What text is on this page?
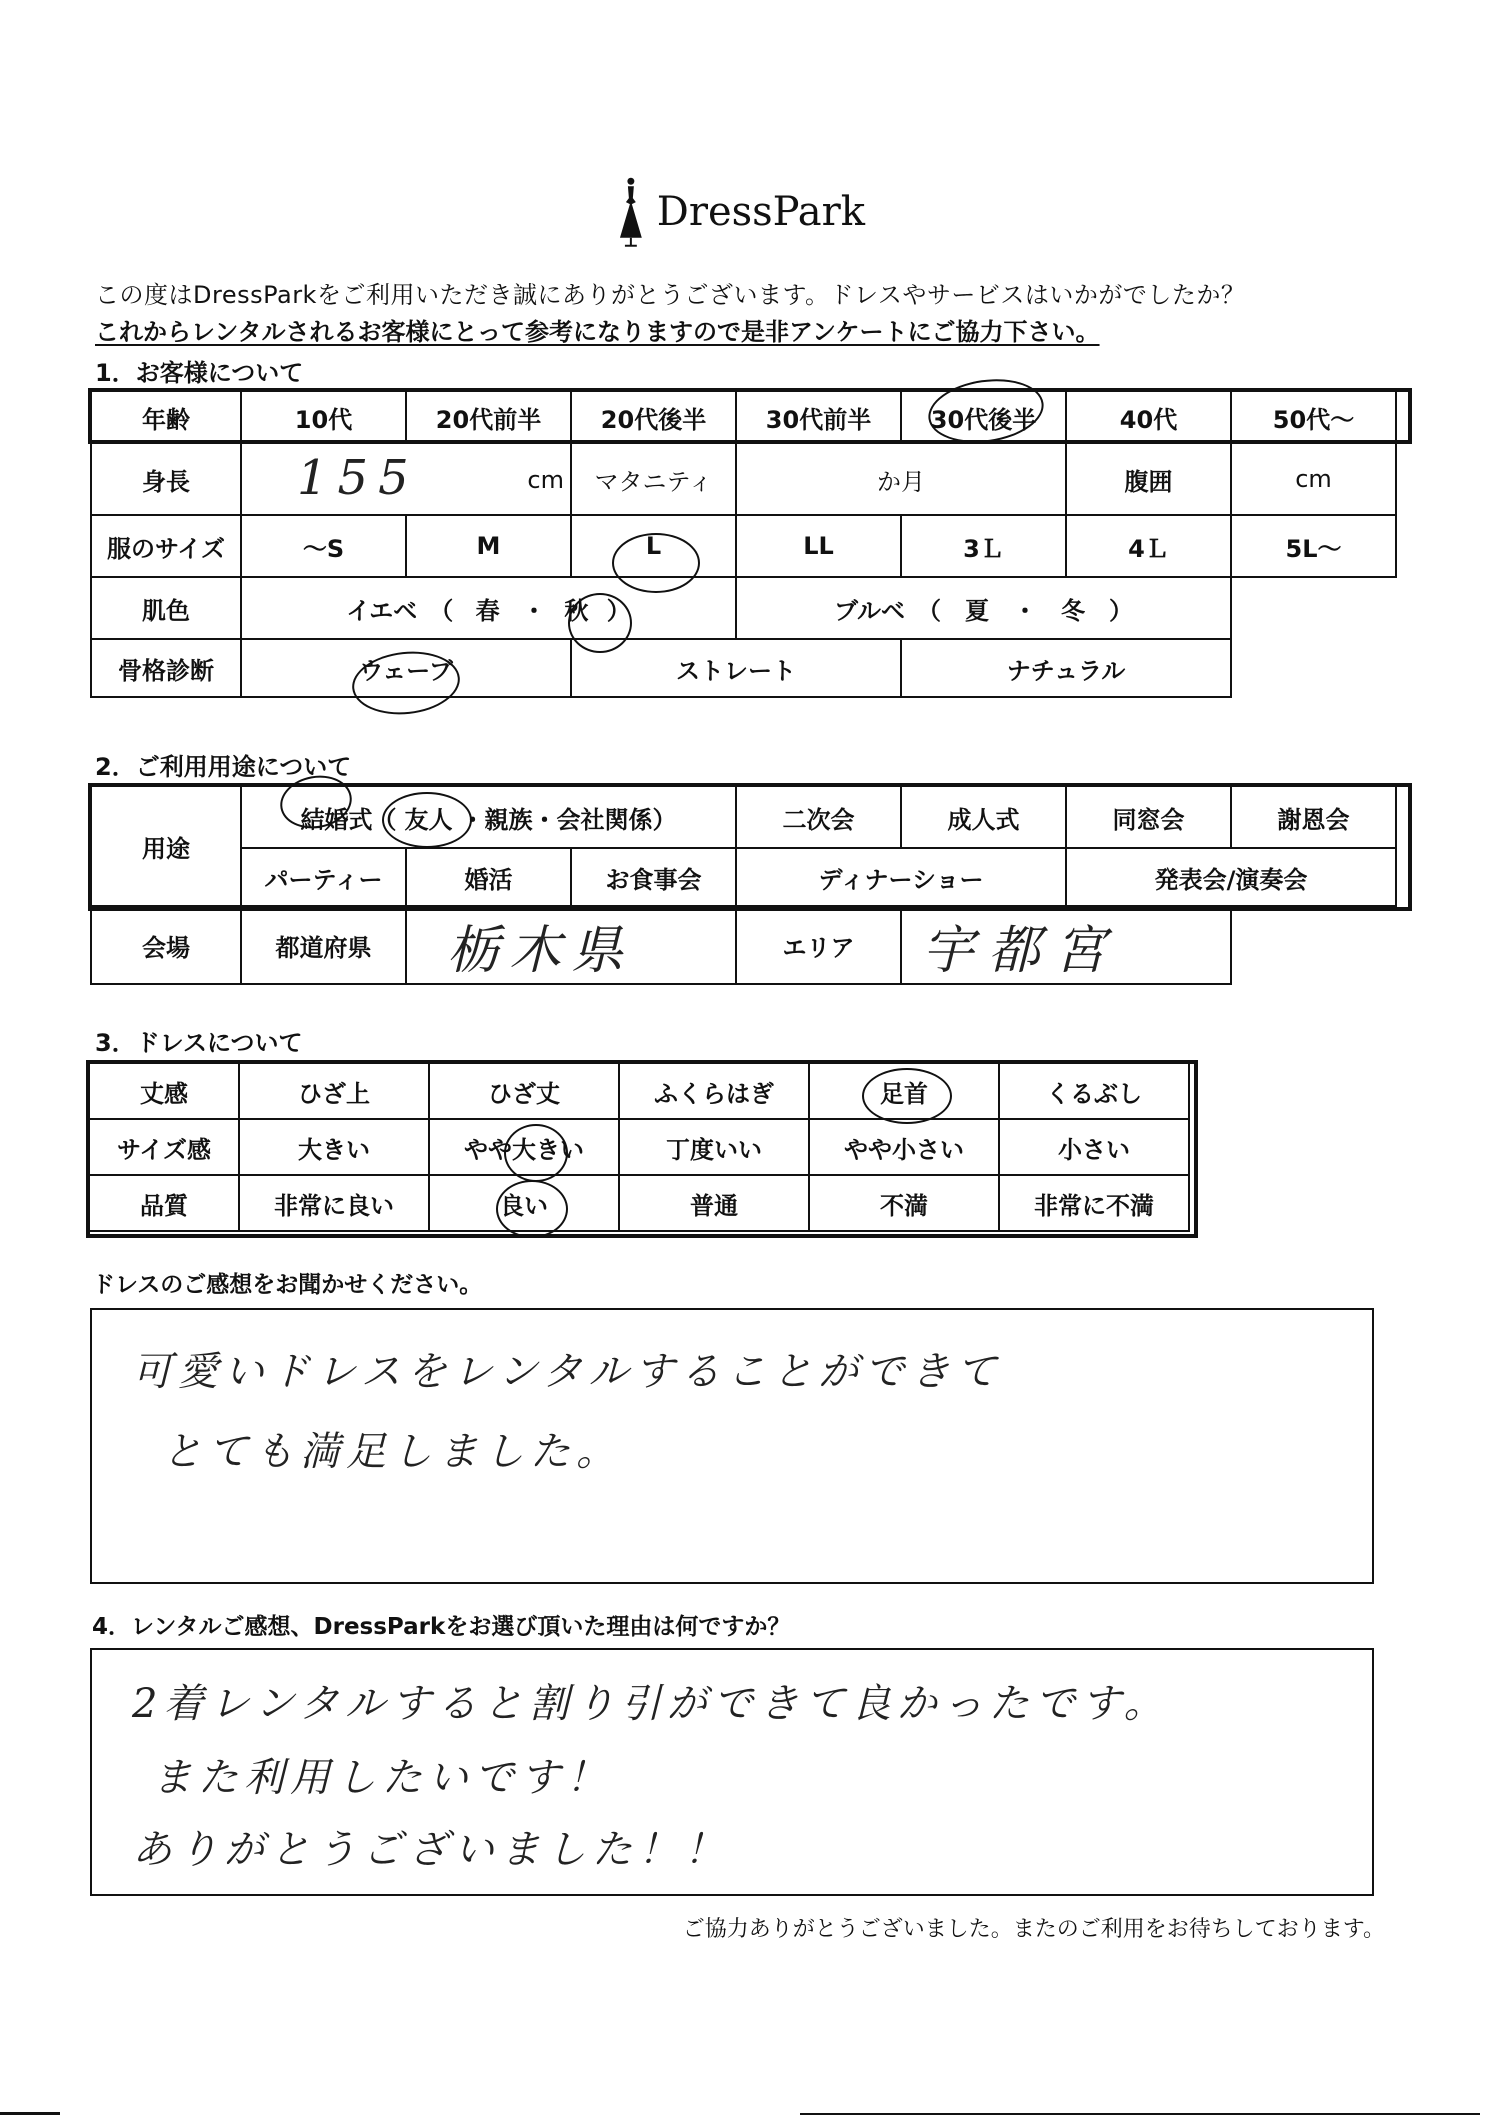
DressPark
この度はDressParkをご利用いただき誠にありがとうございます。ドレスやサービスはいかがでしたか？
これからレンタルされるお客様にとって参考になりますので是非アンケートにご協力下さい。
1．お客様について
年齢	10代	20代前半	20代後半	30代前半	30代後半	40代	50代～
身長	155 cm		マタニティ	か月		腹囲	cm
服のサイズ	～S	M	L	LL	3Ｌ	4Ｌ	5L～
肌色	イエベ　（ 春 ・ 秋 ）			ブルベ　（　夏　・　冬　）			
骨格診断	ウェーブ		ストレート		ナチュラル		
2．ご利用用途について
用途	結婚式（ 友人 ・親族・会社関係）			二次会	成人式	同窓会	謝恩会
	パーティー	婚活	お食事会	ディナーショー		発表会/演奏会	
会場	都道府県	栃木県		エリア	宇都宮		
3．ドレスについて
丈感	ひざ上	ひざ丈	ふくらはぎ	足首	くるぶし
サイズ感	大きい	やや大きい	丁度いい	やや小さい	小さい
品質	非常に良い	良い	普通	不満	非常に不満
ドレスのご感想をお聞かせください。
可愛いドレスをレンタルすることができて
とても満足しました。
4．レンタルご感想、DressParkをお選び頂いた理由は何ですか？
2着レンタルすると割り引ができて良かったです。
また利用したいです！
ありがとうございました！！
ご協力ありがとうございました。またのご利用をお待ちしております。
